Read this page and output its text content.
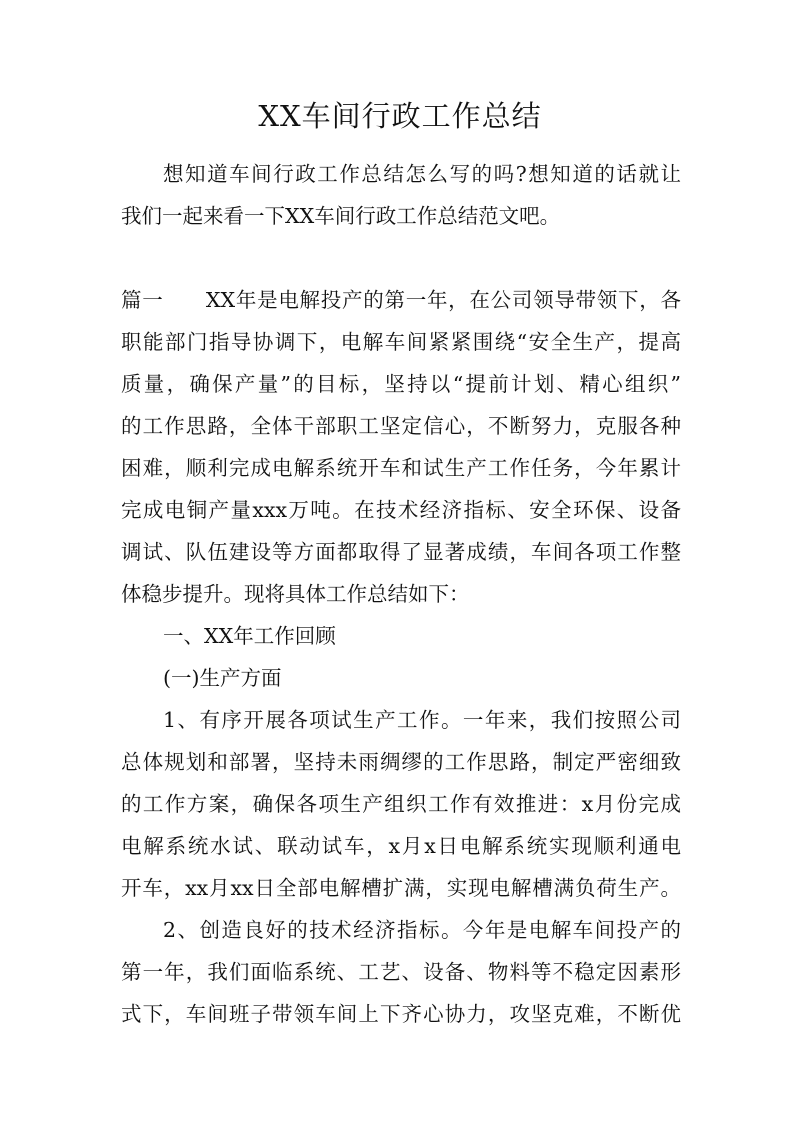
XX车间行政工作总结
想知道车间行政工作总结怎么写的吗?想知道的话就让
我们一起来看一下XX车间行政工作总结范文吧。
篇一　　XX年是电解投产的第一年，在公司领导带领下，各
职能部门指导协调下，电解车间紧紧围绕“安全生产，提高
质量，确保产量”的目标，坚持以“提前计划、精心组织”
的工作思路，全体干部职工坚定信心，不断努力，克服各种
困难，顺利完成电解系统开车和试生产工作任务，今年累计
完成电铜产量xxx万吨。在技术经济指标、安全环保、设备
调试、队伍建设等方面都取得了显著成绩，车间各项工作整
体稳步提升。现将具体工作总结如下：
一、XX年工作回顾
(一)生产方面
1、有序开展各项试生产工作。一年来，我们按照公司
总体规划和部署，坚持未雨绸缪的工作思路，制定严密细致
的工作方案，确保各项生产组织工作有效推进：x月份完成
电解系统水试、联动试车，x月x日电解系统实现顺利通电
开车，xx月xx日全部电解槽扩满，实现电解槽满负荷生产。
2、创造良好的技术经济指标。今年是电解车间投产的
第一年，我们面临系统、工艺、设备、物料等不稳定因素形
式下，车间班子带领车间上下齐心协力，攻坚克难，不断优
